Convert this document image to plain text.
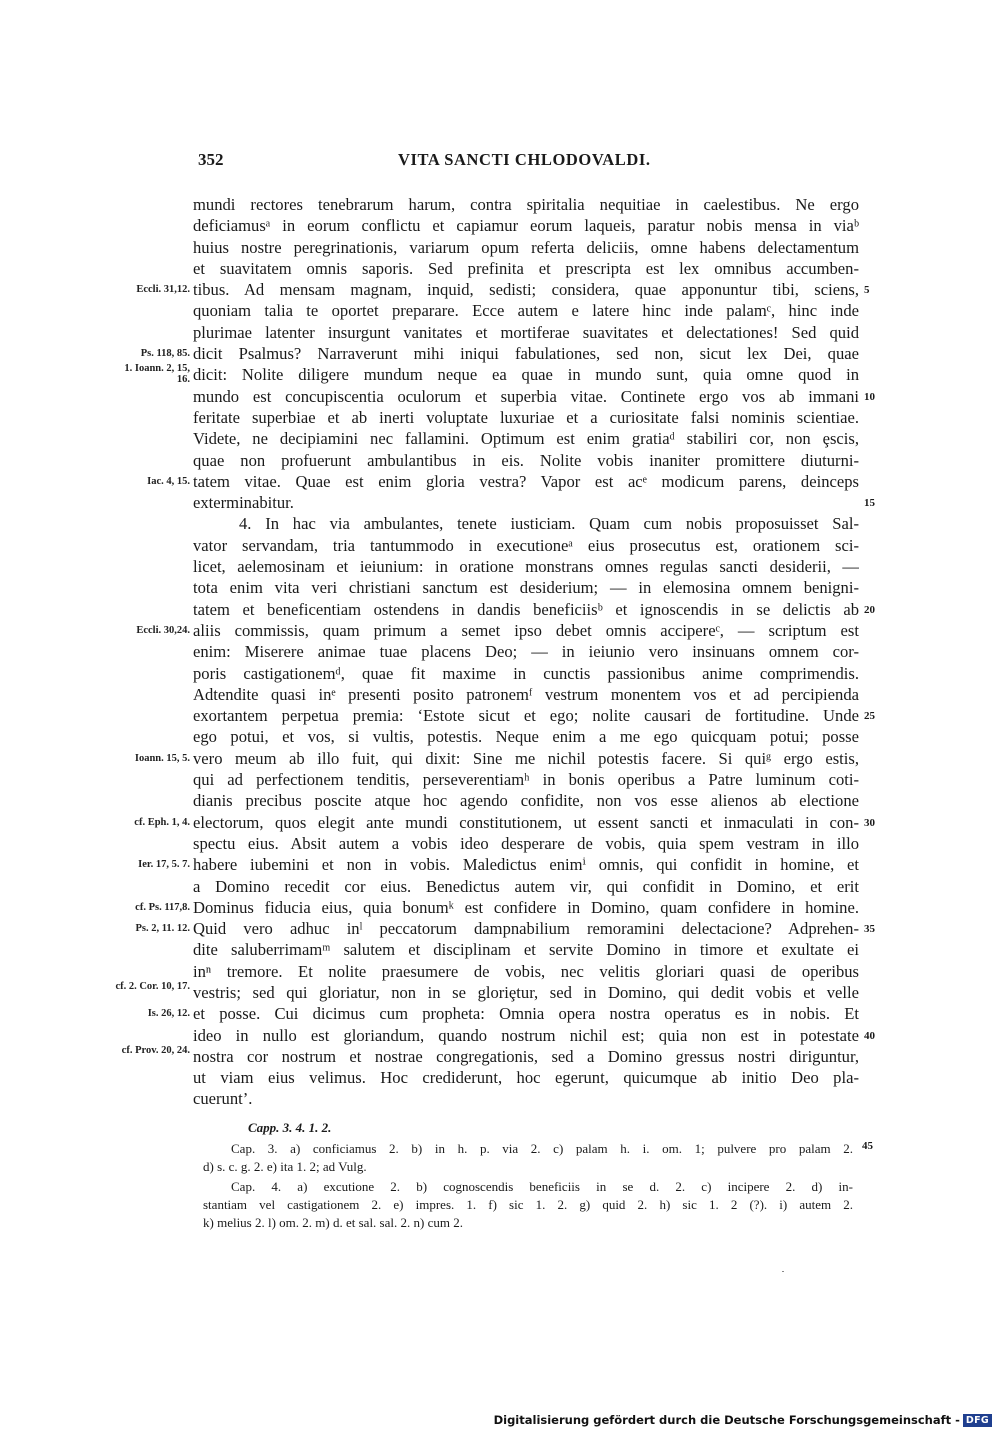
352	VITA SANCTI CHLODOVALDI.
mundi rectores tenebrarum harum, contra spiritalia nequitiae in caelestibus. Ne ergo
deficiamusᵃ in eorum conflictu et capiamur eorum laqueis, paratur nobis mensa in viaᵇ
huius nostre peregrinationis, variarum opum referta deliciis, omne habens delectamentum
et suavitatem omnis saporis. Sed prefinita et prescripta est lex omnibus accumben-
tibus. Ad mensam magnam, inquid, sedisti; considera, quae apponuntur tibi, sciens,
quoniam talia te oportet preparare. Ecce autem e latere hinc inde palamᶜ, hinc inde
plurimae latenter insurgunt vanitates et mortiferae suavitates et delectationes! Sed quid
dicit Psalmus? Narraverunt mihi iniqui fabulationes, sed non, sicut lex Dei, quae
dicit: Nolite diligere mundum neque ea quae in mundo sunt, quia omne quod in
mundo est concupiscentia oculorum et superbia vitae. Continete ergo vos ab immani
feritate superbiae et ab inerti voluptate luxuriae et a curiositate falsi nominis scientiae.
Videte, ne decipiamini nec fallamini. Optimum est enim gratiaᵈ stabiliri cor, non ȩscis,
quae non profuerunt ambulantibus in eis. Nolite vobis inaniter promittere diuturni-
tatem vitae. Quae est enim gloria vestra? Vapor est acᵉ modicum parens, deinceps
exterminabitur.
4. In hac via ambulantes, tenete iusticiam. Quam cum nobis proposuisset Sal-
vator servandam, tria tantummodo in executioneᵃ eius prosecutus est, orationem sci-
licet, aelemosinam et ieiunium: in oratione monstrans omnes regulas sancti desiderii, —
tota enim vita veri christiani sanctum est desiderium; — in elemosina omnem benigni-
tatem et beneficentiam ostendens in dandis beneficiisᵇ et ignoscendis in se delictis ab
aliis commissis, quam primum a semet ipso debet omnis accipereᶜ, — scriptum est
enim: Miserere animae tuae placens Deo; — in ieiunio vero insinuans omnem cor-
poris castigationemᵈ, quae fit maxime in cunctis passionibus anime comprimendis.
Adtendite quasi inᵉ presenti posito patronemᶠ vestrum monentem vos et ad percipienda
exortantem perpetua premia: ‘Estote sicut et ego; nolite causari de fortitudine. Unde
ego potui, et vos, si vultis, potestis. Neque enim a me ego quicquam potui; posse
vero meum ab illo fuit, qui dixit: Sine me nichil potestis facere. Si quiᵍ ergo estis,
qui ad perfectionem tenditis, perseverentiamʰ in bonis operibus a Patre luminum coti-
dianis precibus poscite atque hoc agendo confidite, non vos esse alienos ab electione
electorum, quos elegit ante mundi constitutionem, ut essent sancti et inmaculati in con-
spectu eius. Absit autem a vobis ideo desperare de vobis, quia spem vestram in illo
habere iubemini et non in vobis. Maledictus enimⁱ omnis, qui confidit in homine, et
a Domino recedit cor eius. Benedictus autem vir, qui confidit in Domino, et erit
Dominus fiducia eius, quia bonumᵏ est confidere in Domino, quam confidere in homine.
Quid vero adhuc inˡ peccatorum dampnabilium remoramini delectacione? Adprehen-
dite saluberrimamᵐ salutem et disciplinam et servite Domino in timore et exultate ei
inⁿ tremore. Et nolite praesumere de vobis, nec velitis gloriari quasi de operibus
vestris; sed qui gloriatur, non in se gloriȩtur, sed in Domino, qui dedit vobis et velle
et posse. Cui dicimus cum propheta: Omnia opera nostra operatus es in nobis. Et
ideo in nullo est gloriandum, quando nostrum nichil est; quia non est in potestate
nostra cor nostrum et nostrae congregationis, sed a Domino gressus nostri diriguntur,
ut viam eius velimus. Hoc crediderunt, hoc egerunt, quicumque ab initio Deo pla-
cuerunt’.
Eccli. 31,12.
Ps. 118, 85.
1. Ioann. 2, 15, 16.
Iac. 4, 15.
Eccli. 30,24.
Ioann. 15, 5.
cf. Eph. 1, 4.
Ier. 17, 5. 7.
cf. Ps. 117,8.
Ps. 2, 11. 12.
cf. 2. Cor. 10, 17.
Is. 26, 12.
cf. Prov. 20, 24.
5
10
15
20
25
30
35
40
Capp. 3. 4. 1. 2.
Cap. 3. a) conficiamus 2. b) in h. p. via 2. c) palam h. i. om. 1; pulvere pro palam 2.
d) s. c. g. 2. e) ita 1. 2; ad Vulg.
Cap. 4. a) excutione 2. b) cognoscendis beneficiis in se d. 2. c) incipere 2. d) in-
stantiam vel castigationem 2. e) impres. 1. f) sic 1. 2. g) quid 2. h) sic 1. 2 (?). i) autem 2.
k) melius 2. l) om. 2. m) d. et sal. sal. 2. n) cum 2.
45
Digitalisierung gefördert durch die Deutsche Forschungsgemeinschaft - DFG
